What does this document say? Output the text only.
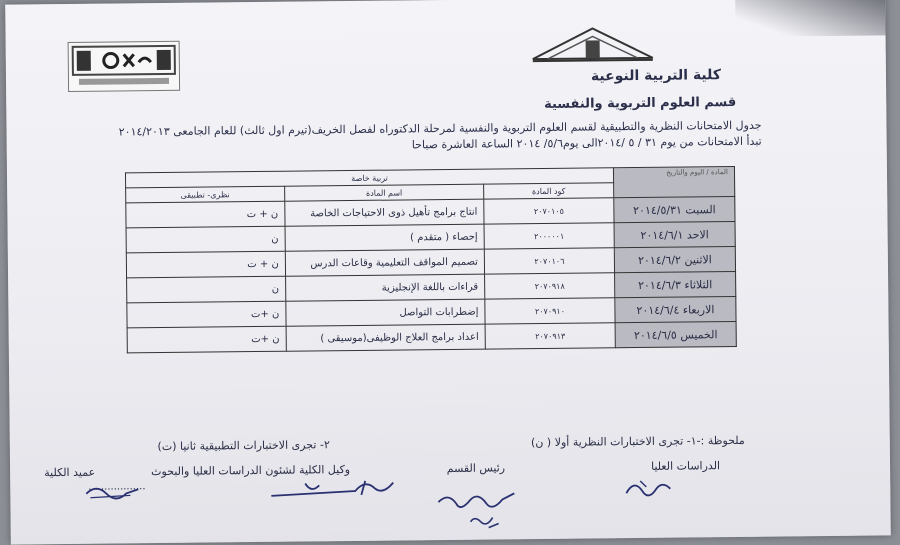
كلية التربية النوعية
قسم العلوم التربوية والنفسية
جدول الامتحانات النظرية والتطبيقية لقسم العلوم التربوية والنفسية لمرحلة الدكتوراه لفصل الخريف(تيرم اول ثالث) للعام الجامعى ٢٠١٤/٢٠١٣
تبدأ الامتحانات من يوم ٣١ / ٥ /٢٠١٤الى يوم٥/٦/ ٢٠١٤ الساعة العاشرة صباحا
المادة / اليوم والتاريخ	تربية خاصة		
	كود المادة	اسم المادة	نظرى- تطبيقى
السبت ٢٠١٤/٥/٣١	٢٠٧٠١٠٥	انتاج برامج تأهيل ذوى الاحتياجات الخاصة	ن + ت
الاحد ٢٠١٤/٦/١	٢٠٠٠٠٠١	إحصاء ( متقدم )	ن
الاثنين ٢٠١٤/٦/٢	٢٠٧٠١٠٦	تصميم المواقف التعليمية وقاعات الدرس	ن + ت
الثلاثاء ٢٠١٤/٦/٣	٢٠٧٠٩١٨	قراءات باللغة الإنجليزية	ن
الاربعاء ٢٠١٤/٦/٤	٢٠٧٠٩١٠	إضطرابات التواصل	ن +ت
الخميس ٢٠١٤/٦/٥	٢٠٧٠٩١٣	اعداد برامج العلاج الوظيفى(موسيقى )	ن +ت
ملحوظة :-١- تجرى الاختبارات النظرية أولا ( ن)
٢- تجرى الاختبارات التطبيقية ثانيا (ت)
الدراسات العليا
رئيس القسم
وكيل الكلية لشئون الدراسات العليا والبحوث
عميد الكلية
..................
